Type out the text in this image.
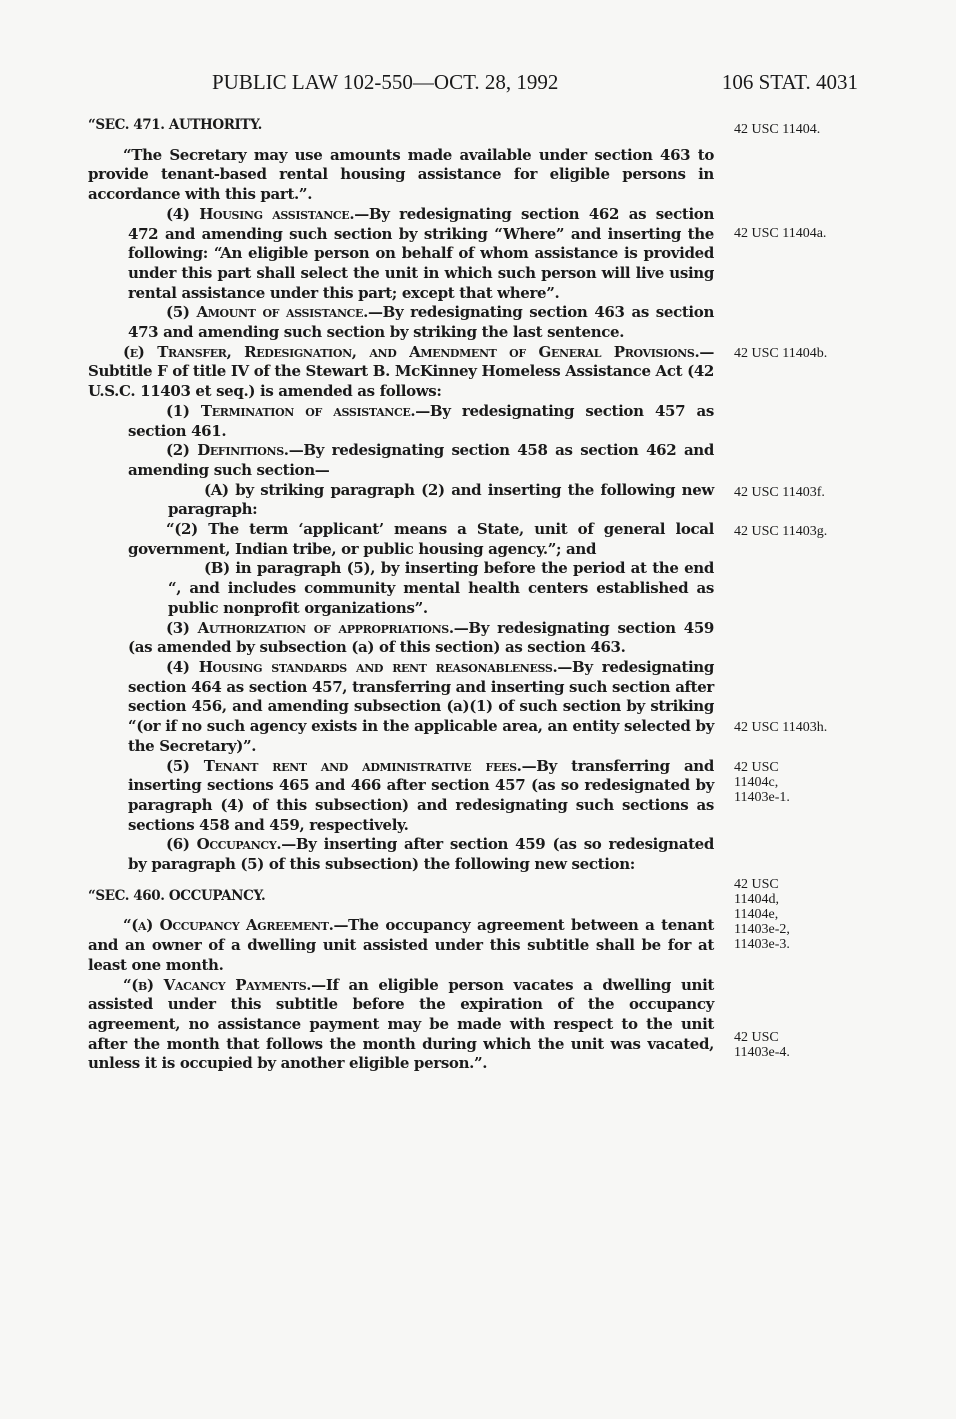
PUBLIC LAW 102-550—OCT. 28, 1992	106 STAT. 4031

“SEC. 471. AUTHORITY.

“The Secretary may use amounts made available under section 463 to provide tenant-based rental housing assistance for eligible persons in accordance with this part.”.

(4) Housing assistance.—By redesignating section 462 as section 472 and amending such section by striking “Where” and inserting the following: “An eligible person on behalf of whom assistance is provided under this part shall select the unit in which such person will live using rental assistance under this part; except that where”.

(5) Amount of assistance.—By redesignating section 463 as section 473 and amending such section by striking the last sentence.

(e) Transfer, Redesignation, and Amendment of General Provisions.—Subtitle F of title IV of the Stewart B. McKinney Homeless Assistance Act (42 U.S.C. 11403 et seq.) is amended as follows:

(1) Termination of assistance.—By redesignating section 457 as section 461.

(2) Definitions.—By redesignating section 458 as section 462 and amending such section—

(A) by striking paragraph (2) and inserting the following new paragraph:

“(2) The term ‘applicant’ means a State, unit of general local government, Indian tribe, or public housing agency.”; and

(B) in paragraph (5), by inserting before the period at the end “, and includes community mental health centers established as public nonprofit organizations”.

(3) Authorization of appropriations.—By redesignating section 459 (as amended by subsection (a) of this section) as section 463.

(4) Housing standards and rent reasonableness.—By redesignating section 464 as section 457, transferring and inserting such section after section 456, and amending subsection (a)(1) of such section by striking “(or if no such agency exists in the applicable area, an entity selected by the Secretary)”.

(5) Tenant rent and administrative fees.—By transferring and inserting sections 465 and 466 after section 457 (as so redesignated by paragraph (4) of this subsection) and redesignating such sections as sections 458 and 459, respectively.

(6) Occupancy.—By inserting after section 459 (as so redesignated by paragraph (5) of this subsection) the following new section:

“SEC. 460. OCCUPANCY.

“(a) Occupancy Agreement.—The occupancy agreement between a tenant and an owner of a dwelling unit assisted under this subtitle shall be for at least one month.

“(b) Vacancy Payments.—If an eligible person vacates a dwelling unit assisted under this subtitle before the expiration of the occupancy agreement, no assistance payment may be made with respect to the unit after the month that follows the month during which the unit was vacated, unless it is occupied by another eligible person.”.

42 USC 11404.
42 USC 11404a.
42 USC 11404b.
42 USC 11403f.
42 USC 11403g.
42 USC 11403h.
42 USC 11404c, 11403e-1.
42 USC 11404d, 11404e, 11403e-2, 11403e-3.
42 USC 11403e-4.
